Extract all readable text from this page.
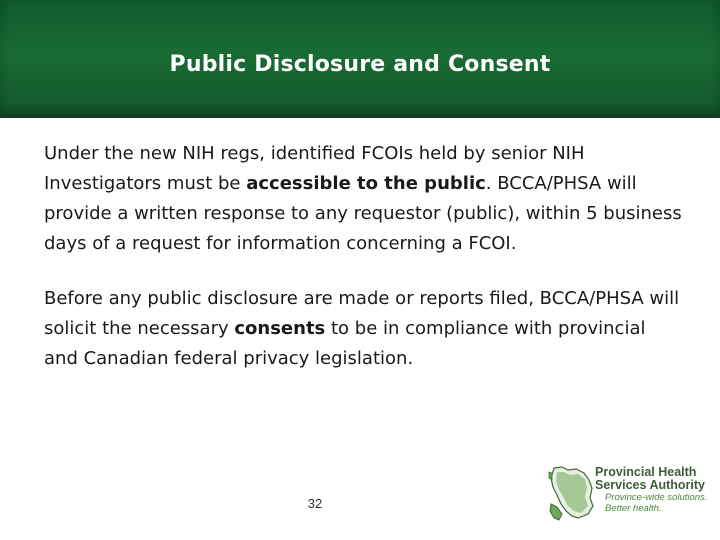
Public Disclosure and Consent
Under the new NIH regs, identified FCOIs held by senior NIH Investigators must be accessible to the public. BCCA/PHSA will provide a written response to any requestor (public), within 5 business days of a request for information concerning a FCOI.
Before any public disclosure are made or reports filed, BCCA/PHSA will solicit the necessary consents to be in compliance with provincial and Canadian federal privacy legislation.
32
Provincial Health
Services Authority
Province-wide solutions.
Better health.
